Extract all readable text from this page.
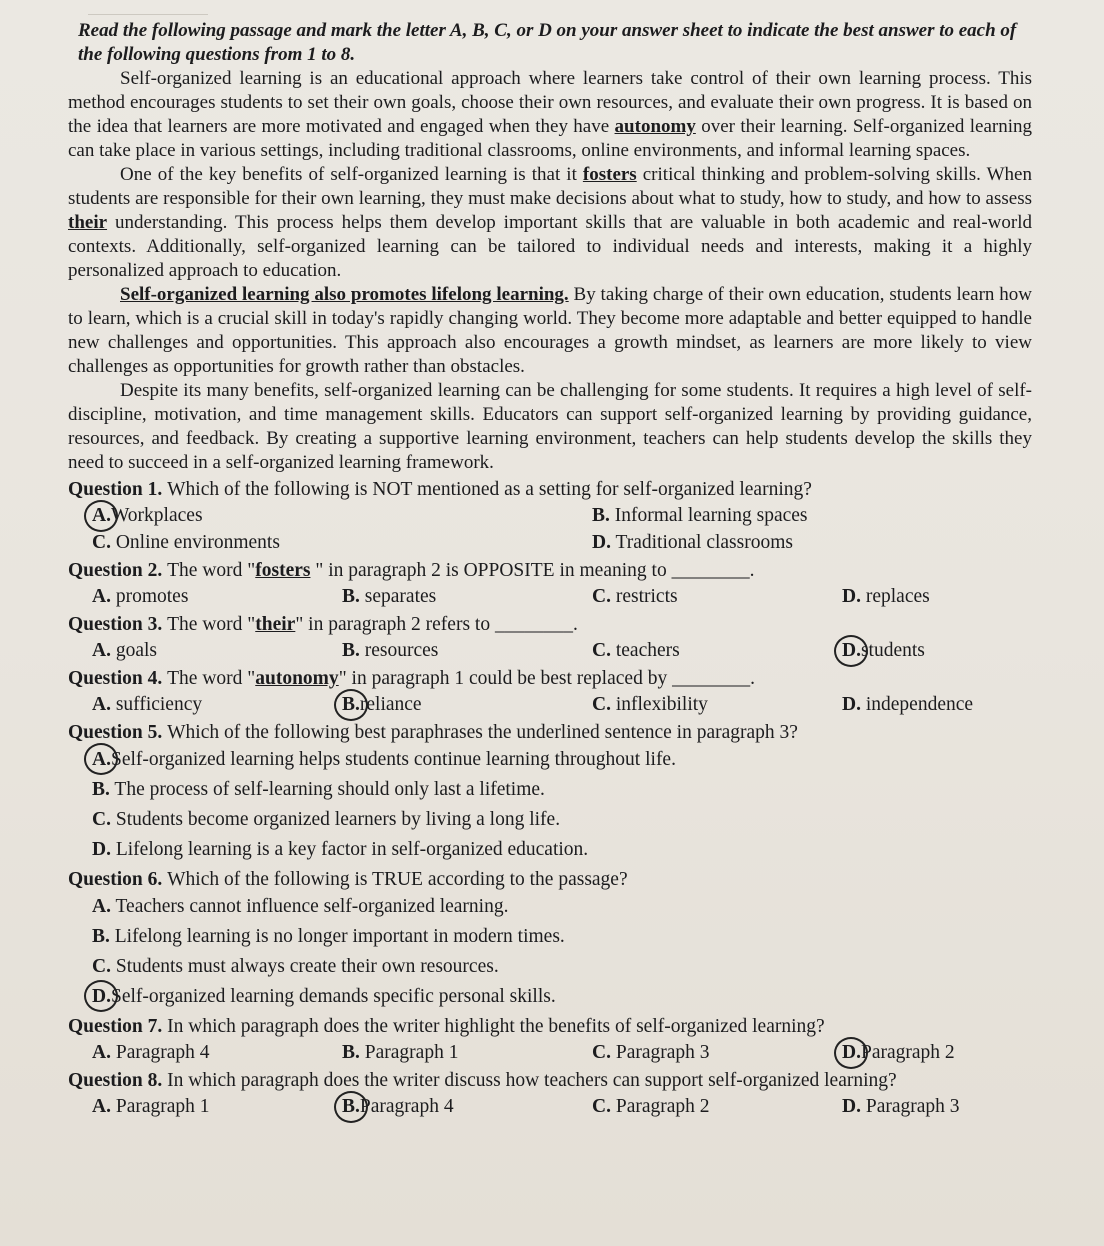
Read the following passage and mark the letter A, B, C, or D on your answer sheet to indicate the best answer to each of the following questions from 1 to 8.

Self-organized learning is an educational approach where learners take control of their own learning process. This method encourages students to set their own goals, choose their own resources, and evaluate their own progress. It is based on the idea that learners are more motivated and engaged when they have autonomy over their learning. Self-organized learning can take place in various settings, including traditional classrooms, online environments, and informal learning spaces.

One of the key benefits of self-organized learning is that it fosters critical thinking and problem-solving skills. When students are responsible for their own learning, they must make decisions about what to study, how to study, and how to assess their understanding. This process helps them develop important skills that are valuable in both academic and real-world contexts. Additionally, self-organized learning can be tailored to individual needs and interests, making it a highly personalized approach to education.

Self-organized learning also promotes lifelong learning. By taking charge of their own education, students learn how to learn, which is a crucial skill in today's rapidly changing world. They become more adaptable and better equipped to handle new challenges and opportunities. This approach also encourages a growth mindset, as learners are more likely to view challenges as opportunities for growth rather than obstacles.

Despite its many benefits, self-organized learning can be challenging for some students. It requires a high level of self-discipline, motivation, and time management skills. Educators can support self-organized learning by providing guidance, resources, and feedback. By creating a supportive learning environment, teachers can help students develop the skills they need to succeed in a self-organized learning framework.

Question 1. Which of the following is NOT mentioned as a setting for self-organized learning?
A.Workplaces	B. Informal learning spaces
C. Online environments	D. Traditional classrooms
Question 2. The word "fosters " in paragraph 2 is OPPOSITE in meaning to ________.
A. promotes	B. separates	C. restricts	D. replaces
Question 3. The word "their" in paragraph 2 refers to ________.
A. goals	B. resources	C. teachers	D.students
Question 4. The word "autonomy" in paragraph 1 could be best replaced by ________.
A. sufficiency	B.reliance	C. inflexibility	D. independence
Question 5. Which of the following best paraphrases the underlined sentence in paragraph 3?
A.Self-organized learning helps students continue learning throughout life.
B. The process of self-learning should only last a lifetime.
C. Students become organized learners by living a long life.
D. Lifelong learning is a key factor in self-organized education.
Question 6. Which of the following is TRUE according to the passage?
A. Teachers cannot influence self-organized learning.
B. Lifelong learning is no longer important in modern times.
C. Students must always create their own resources.
D.Self-organized learning demands specific personal skills.
Question 7. In which paragraph does the writer highlight the benefits of self-organized learning?
A. Paragraph 4	B. Paragraph 1	C. Paragraph 3	D.Paragraph 2
Question 8. In which paragraph does the writer discuss how teachers can support self-organized learning?
A. Paragraph 1	B.Paragraph 4	C. Paragraph 2	D. Paragraph 3
